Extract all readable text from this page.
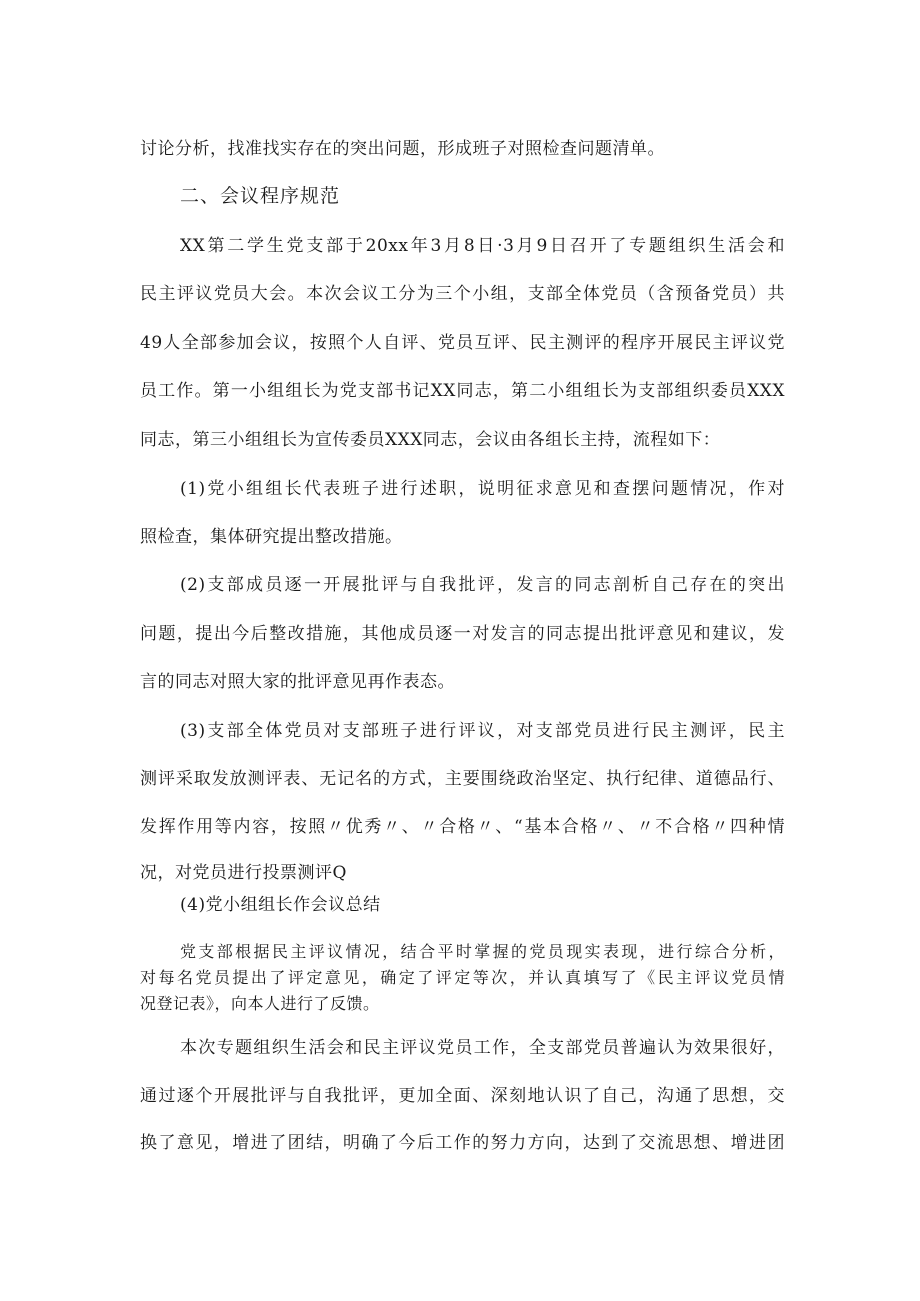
讨论分析，找准找实存在的突出问题，形成班子对照检查问题清单。
二、会议程序规范
XX第二学生党支部于20xx年3月8日·3月9日召开了专题组织生活会和
民主评议党员大会。本次会议工分为三个小组，支部全体党员（含预备党员）共
49人全部参加会议，按照个人自评、党员互评、民主测评的程序开展民主评议党
员工作。第一小组组长为党支部书记XX同志，第二小组组长为支部组织委员XXX
同志，第三小组组长为宣传委员XXX同志，会议由各组长主持，流程如下：
(1)党小组组长代表班子进行述职，说明征求意见和查摆问题情况，作对
照检查，集体研究提出整改措施。
(2)支部成员逐一开展批评与自我批评，发言的同志剖析自己存在的突出
问题，提出今后整改措施，其他成员逐一对发言的同志提出批评意见和建议，发
言的同志对照大家的批评意见再作表态。
(3)支部全体党员对支部班子进行评议，对支部党员进行民主测评，民主
测评采取发放测评表、无记名的方式，主要围绕政治坚定、执行纪律、道德品行、
发挥作用等内容，按照〃优秀〃、〃合格〃、“基本合格〃、〃不合格〃四种情
况，对党员进行投票测评Q
(4)党小组组长作会议总结
党支部根据民主评议情况，结合平时掌握的党员现实表现，进行综合分析，
对每名党员提出了评定意见，确定了评定等次，并认真填写了《民主评议党员情
况登记表》，向本人进行了反馈。
本次专题组织生活会和民主评议党员工作，全支部党员普遍认为效果很好，
通过逐个开展批评与自我批评，更加全面、深刻地认识了自己，沟通了思想，交
换了意见，增进了团结，明确了今后工作的努力方向，达到了交流思想、增进团
